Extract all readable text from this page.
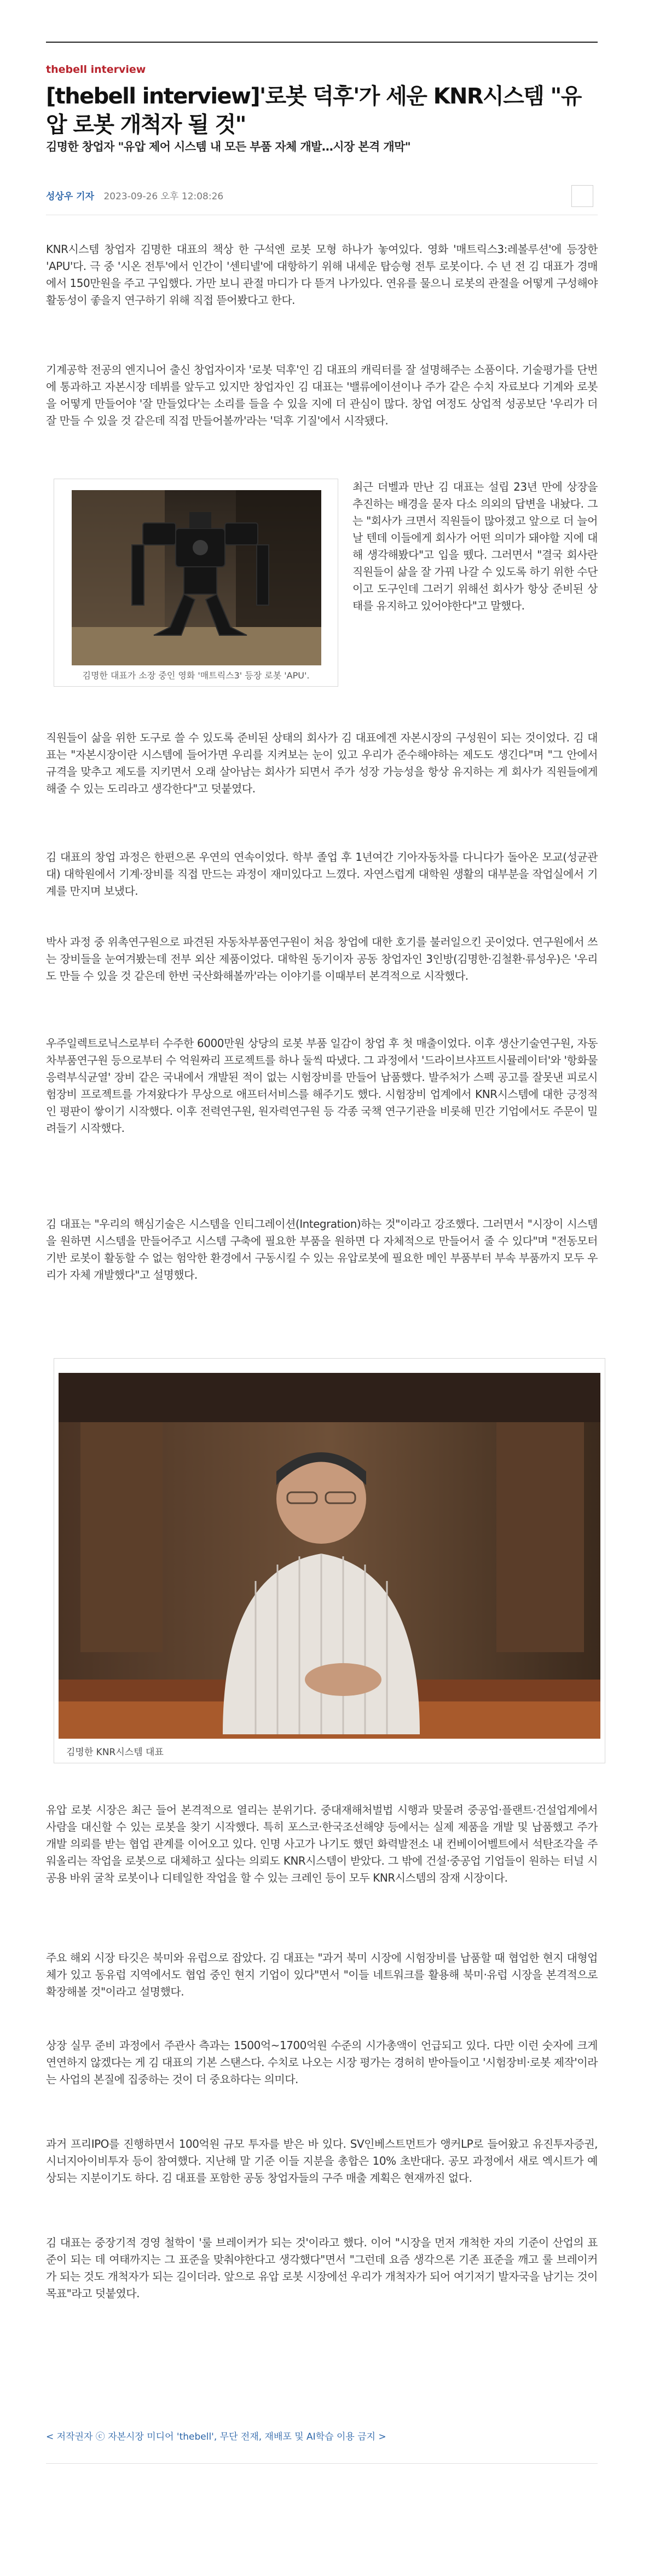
thebell interview
[thebell interview]'로봇 덕후'가 세운 KNR시스템 "유압 로봇 개척자 될 것"
김명한 창업자 "유압 제어 시스템 내 모든 부품 자체 개발…시장 본격 개막"
성상우 기자 2023-09-26 오후 12:08:26

KNR시스템 창업자 김명한 대표의 책상 한 구석엔 로봇 모형 하나가 놓여있다. 영화 '매트릭스3:레볼루션'에 등장한 'APU'다. 극 중 '시온 전투'에서 인간이 '센티넬'에 대항하기 위해 내세운 탑승형 전투 로봇이다. 수 년 전 김 대표가 경매에서 150만원을 주고 구입했다. 가만 보니 관절 마디가 다 뜯겨 나가있다. 연유를 물으니 로봇의 관절을 어떻게 구성해야 활동성이 좋을지 연구하기 위해 직접 뜯어봤다고 한다.

기계공학 전공의 엔지니어 출신 창업자이자 '로봇 덕후'인 김 대표의 캐릭터를 잘 설명해주는 소품이다. 기술평가를 단번에 통과하고 자본시장 데뷔를 앞두고 있지만 창업자인 김 대표는 '밸류에이션이나 주가 같은 수치 자료보다 기계와 로봇을 어떻게 만들어야 '잘 만들었다'는 소리를 들을 수 있을 지에 더 관심이 많다. 창업 여정도 상업적 성공보단 '우리가 더 잘 만들 수 있을 것 같은데 직접 만들어볼까'라는 '덕후 기질'에서 시작됐다.

김명한 대표가 소장 중인 영화 '매트릭스3' 등장 로봇 'APU'.

최근 더벨과 만난 김 대표는 설립 23년 만에 상장을 추진하는 배경을 묻자 다소 의외의 답변을 내놨다. 그는 "회사가 크면서 직원들이 많아졌고 앞으로 더 늘어날 텐데 이들에게 회사가 어떤 의미가 돼야할 지에 대해 생각해봤다"고 입을 뗐다. 그러면서 "결국 회사란 직원들이 삶을 잘 가꿔 나갈 수 있도록 하기 위한 수단이고 도구인데 그러기 위해선 회사가 항상 준비된 상태를 유지하고 있어야한다"고 말했다.

직원들이 삶을 위한 도구로 쓸 수 있도록 준비된 상태의 회사가 김 대표에겐 자본시장의 구성원이 되는 것이었다. 김 대표는 "자본시장이란 시스템에 들어가면 우리를 지켜보는 눈이 있고 우리가 준수해야하는 제도도 생긴다"며 "그 안에서 규격을 맞추고 제도를 지키면서 오래 살아남는 회사가 되면서 주가 성장 가능성을 항상 유지하는 게 회사가 직원들에게 해줄 수 있는 도리라고 생각한다"고 덧붙였다.

김 대표의 창업 과정은 한편으론 우연의 연속이었다. 학부 졸업 후 1년여간 기아자동차를 다니다가 돌아온 모교(성균관대) 대학원에서 기계·장비를 직접 만드는 과정이 재미있다고 느꼈다. 자연스럽게 대학원 생활의 대부분을 작업실에서 기계를 만지며 보냈다.

박사 과정 중 위촉연구원으로 파견된 자동차부품연구원이 처음 창업에 대한 호기를 불러일으킨 곳이었다. 연구원에서 쓰는 장비들을 눈여겨봤는데 전부 외산 제품이었다. 대학원 동기이자 공동 창업자인 3인방(김명한·김철환·류성우)은 '우리도 만들 수 있을 것 같은데 한번 국산화해볼까'라는 이야기를 이때부터 본격적으로 시작했다.

우주일렉트로닉스로부터 수주한 6000만원 상당의 로봇 부품 일감이 창업 후 첫 매출이었다. 이후 생산기술연구원, 자동차부품연구원 등으로부터 수 억원짜리 프로젝트를 하나 둘씩 따냈다. 그 과정에서 '드라이브샤프트시뮬레이터'와 '항화물응력부식균열' 장비 같은 국내에서 개발된 적이 없는 시험장비를 만들어 납품했다. 발주처가 스펙 공고를 잘못낸 피로시험장비 프로젝트를 가져왔다가 무상으로 애프터서비스를 해주기도 했다. 시험장비 업계에서 KNR시스템에 대한 긍정적인 평판이 쌓이기 시작했다. 이후 전력연구원, 원자력연구원 등 각종 국책 연구기관을 비롯해 민간 기업에서도 주문이 밀려들기 시작했다.

김 대표는 "우리의 핵심기술은 시스템을 인티그레이션(Integration)하는 것"이라고 강조했다. 그러면서 "시장이 시스템을 원하면 시스템을 만들어주고 시스템 구축에 필요한 부품을 원하면 다 자체적으로 만들어서 줄 수 있다"며 "전동모터 기반 로봇이 활동할 수 없는 험악한 환경에서 구동시킬 수 있는 유압로봇에 필요한 메인 부품부터 부속 부품까지 모두 우리가 자체 개발했다"고 설명했다.

김명한 KNR시스템 대표

유압 로봇 시장은 최근 들어 본격적으로 열리는 분위기다. 중대재해처벌법 시행과 맞물려 중공업·플랜트·건설업계에서 사람을 대신할 수 있는 로봇을 찾기 시작했다. 특히 포스코·한국조선해양 등에서는 실제 제품을 개발 및 납품했고 주가 개발 의뢰를 받는 협업 관계를 이어오고 있다. 인명 사고가 나기도 했던 화력발전소 내 컨베이어벨트에서 석탄조각을 주워올리는 작업을 로봇으로 대체하고 싶다는 의뢰도 KNR시스템이 받았다. 그 밖에 건설·중공업 기업들이 원하는 터널 시공용 바위 굴착 로봇이나 디테일한 작업을 할 수 있는 크레인 등이 모두 KNR시스템의 잠재 시장이다.

주요 해외 시장 타깃은 북미와 유럽으로 잡았다. 김 대표는 "과거 북미 시장에 시험장비를 납품할 때 협업한 현지 대형업체가 있고 동유럽 지역에서도 협업 중인 현지 기업이 있다"면서 "이들 네트워크를 활용해 북미·유럽 시장을 본격적으로 확장해볼 것"이라고 설명했다.

상장 실무 준비 과정에서 주관사 측과는 1500억~1700억원 수준의 시가총액이 언급되고 있다. 다만 이런 숫자에 크게 연연하지 않겠다는 게 김 대표의 기본 스탠스다. 수치로 나오는 시장 평가는 경허히 받아들이고 '시험장비·로봇 제작'이라는 사업의 본질에 집중하는 것이 더 중요하다는 의미다.

과거 프리IPO를 진행하면서 100억원 규모 투자를 받은 바 있다. SV인베스트먼트가 앵커LP로 들어왔고 유진투자증권, 시너지아이비투자 등이 참여했다. 지난해 말 기준 이들 지분을 총합은 10% 초반대다. 공모 과정에서 새로 엑시트가 예상되는 지분이기도 하다. 김 대표를 포함한 공동 창업자들의 구주 매출 계획은 현재까진 없다.

김 대표는 중장기적 경영 철학이 '룰 브레이커가 되는 것'이라고 했다. 이어 "시장을 먼저 개척한 자의 기준이 산업의 표준이 되는 데 여태까지는 그 표준을 맞춰야한다고 생각했다"면서 "그런데 요즘 생각으론 기존 표준을 깨고 룰 브레이커가 되는 것도 개척자가 되는 길이더라. 앞으로 유압 로봇 시장에선 우리가 개척자가 되어 여기저기 발자국을 남기는 것이 목표"라고 덧붙였다.

< 저작권자 ⓒ 자본시장 미디어 'thebell', 무단 전재, 재배포 및 AI학습 이용 금지 >
